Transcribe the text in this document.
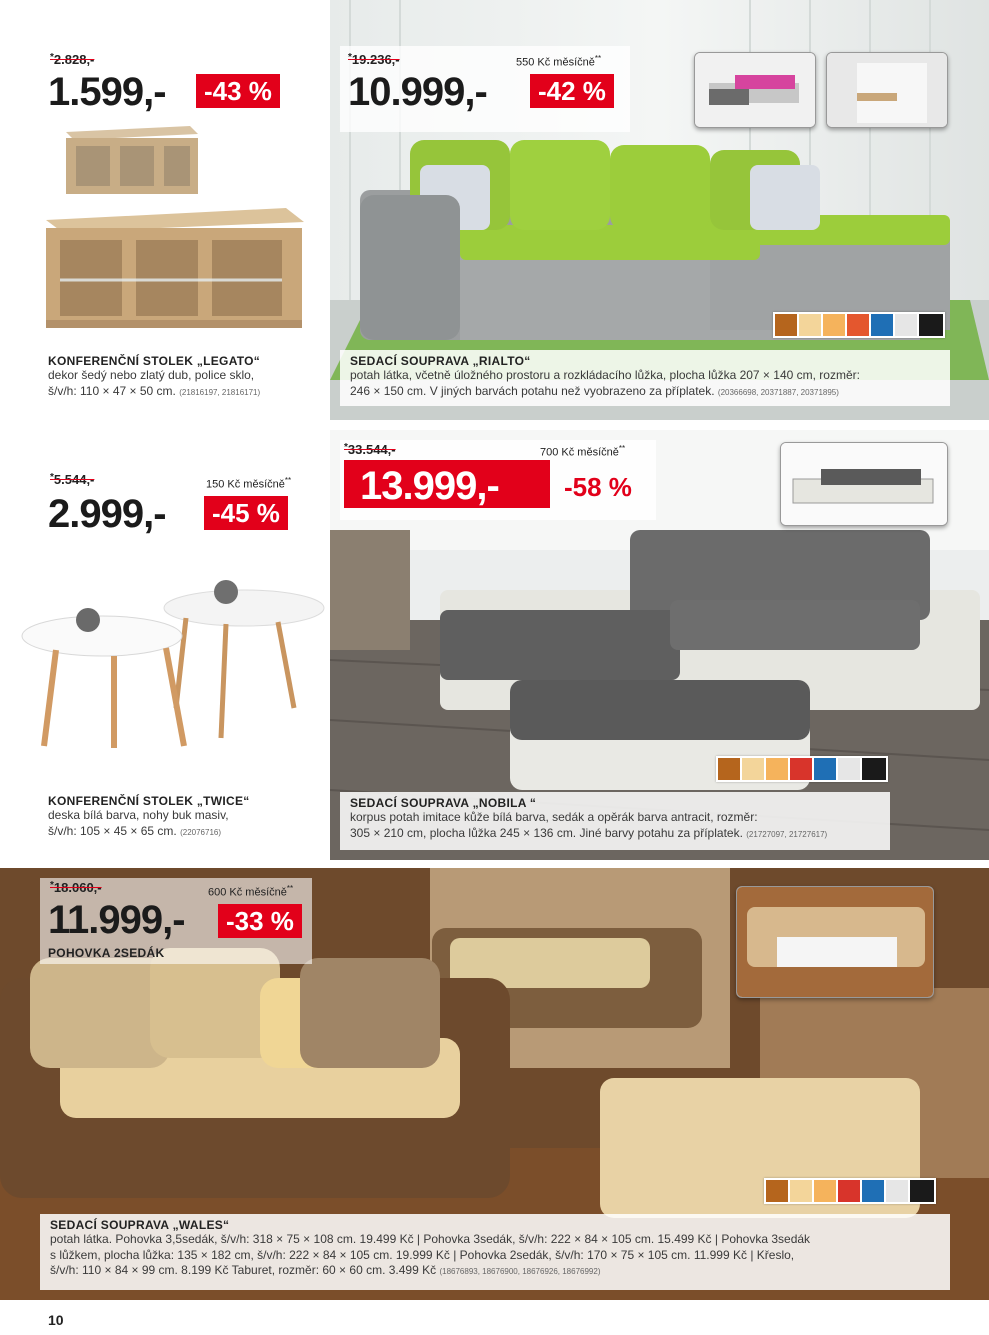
*2.828,-
1.599,-	-43 %
KONFERENČNÍ STOLEK „LEGATO“
dekor šedý nebo zlatý dub, police sklo,
š/v/h: 110 × 47 × 50 cm. (21816197, 21816171)
*19.236,-	550 Kč měsíčně**
10.999,-	-42 %
SEDACÍ SOUPRAVA „RIALTO“
potah látka, včetně úložného prostoru a rozkládacího lůžka, plocha lůžka 207 × 140 cm, rozměr:
246 × 150 cm. V jiných barvách potahu než vyobrazeno za příplatek. (20366698, 20371887, 20371895)
*5.544,-	150 Kč měsíčně**
2.999,-	-45 %
KONFERENČNÍ STOLEK „TWICE“
deska bílá barva, nohy buk masiv,
š/v/h: 105 × 45 × 65 cm. (22076716)
*33.544,-	700 Kč měsíčně**
13.999,-	-58 %
SEDACÍ SOUPRAVA „NOBILA “
korpus potah imitace kůže bílá barva, sedák a opěrák barva antracit, rozměr:
305 × 210 cm, plocha lůžka 245 × 136 cm. Jiné barvy potahu za příplatek. (21727097, 21727617)
*18.060,-	600 Kč měsíčně**
11.999,-	-33 %
POHOVKA 2SEDÁK
SEDACÍ SOUPRAVA „WALES“
potah látka. Pohovka 3,5sedák, š/v/h: 318 × 75 × 108 cm. 19.499 Kč | Pohovka 3sedák, š/v/h: 222 × 84 × 105 cm. 15.499 Kč | Pohovka 3sedák
s lůžkem, plocha lůžka: 135 × 182 cm, š/v/h: 222 × 84 × 105 cm. 19.999 Kč | Pohovka 2sedák, š/v/h: 170 × 75 × 105 cm. 11.999 Kč | Křeslo,
š/v/h: 110 × 84 × 99 cm. 8.199 Kč Taburet, rozměr: 60 × 60 cm. 3.499 Kč (18676893, 18676900, 18676926, 18676992)
10
